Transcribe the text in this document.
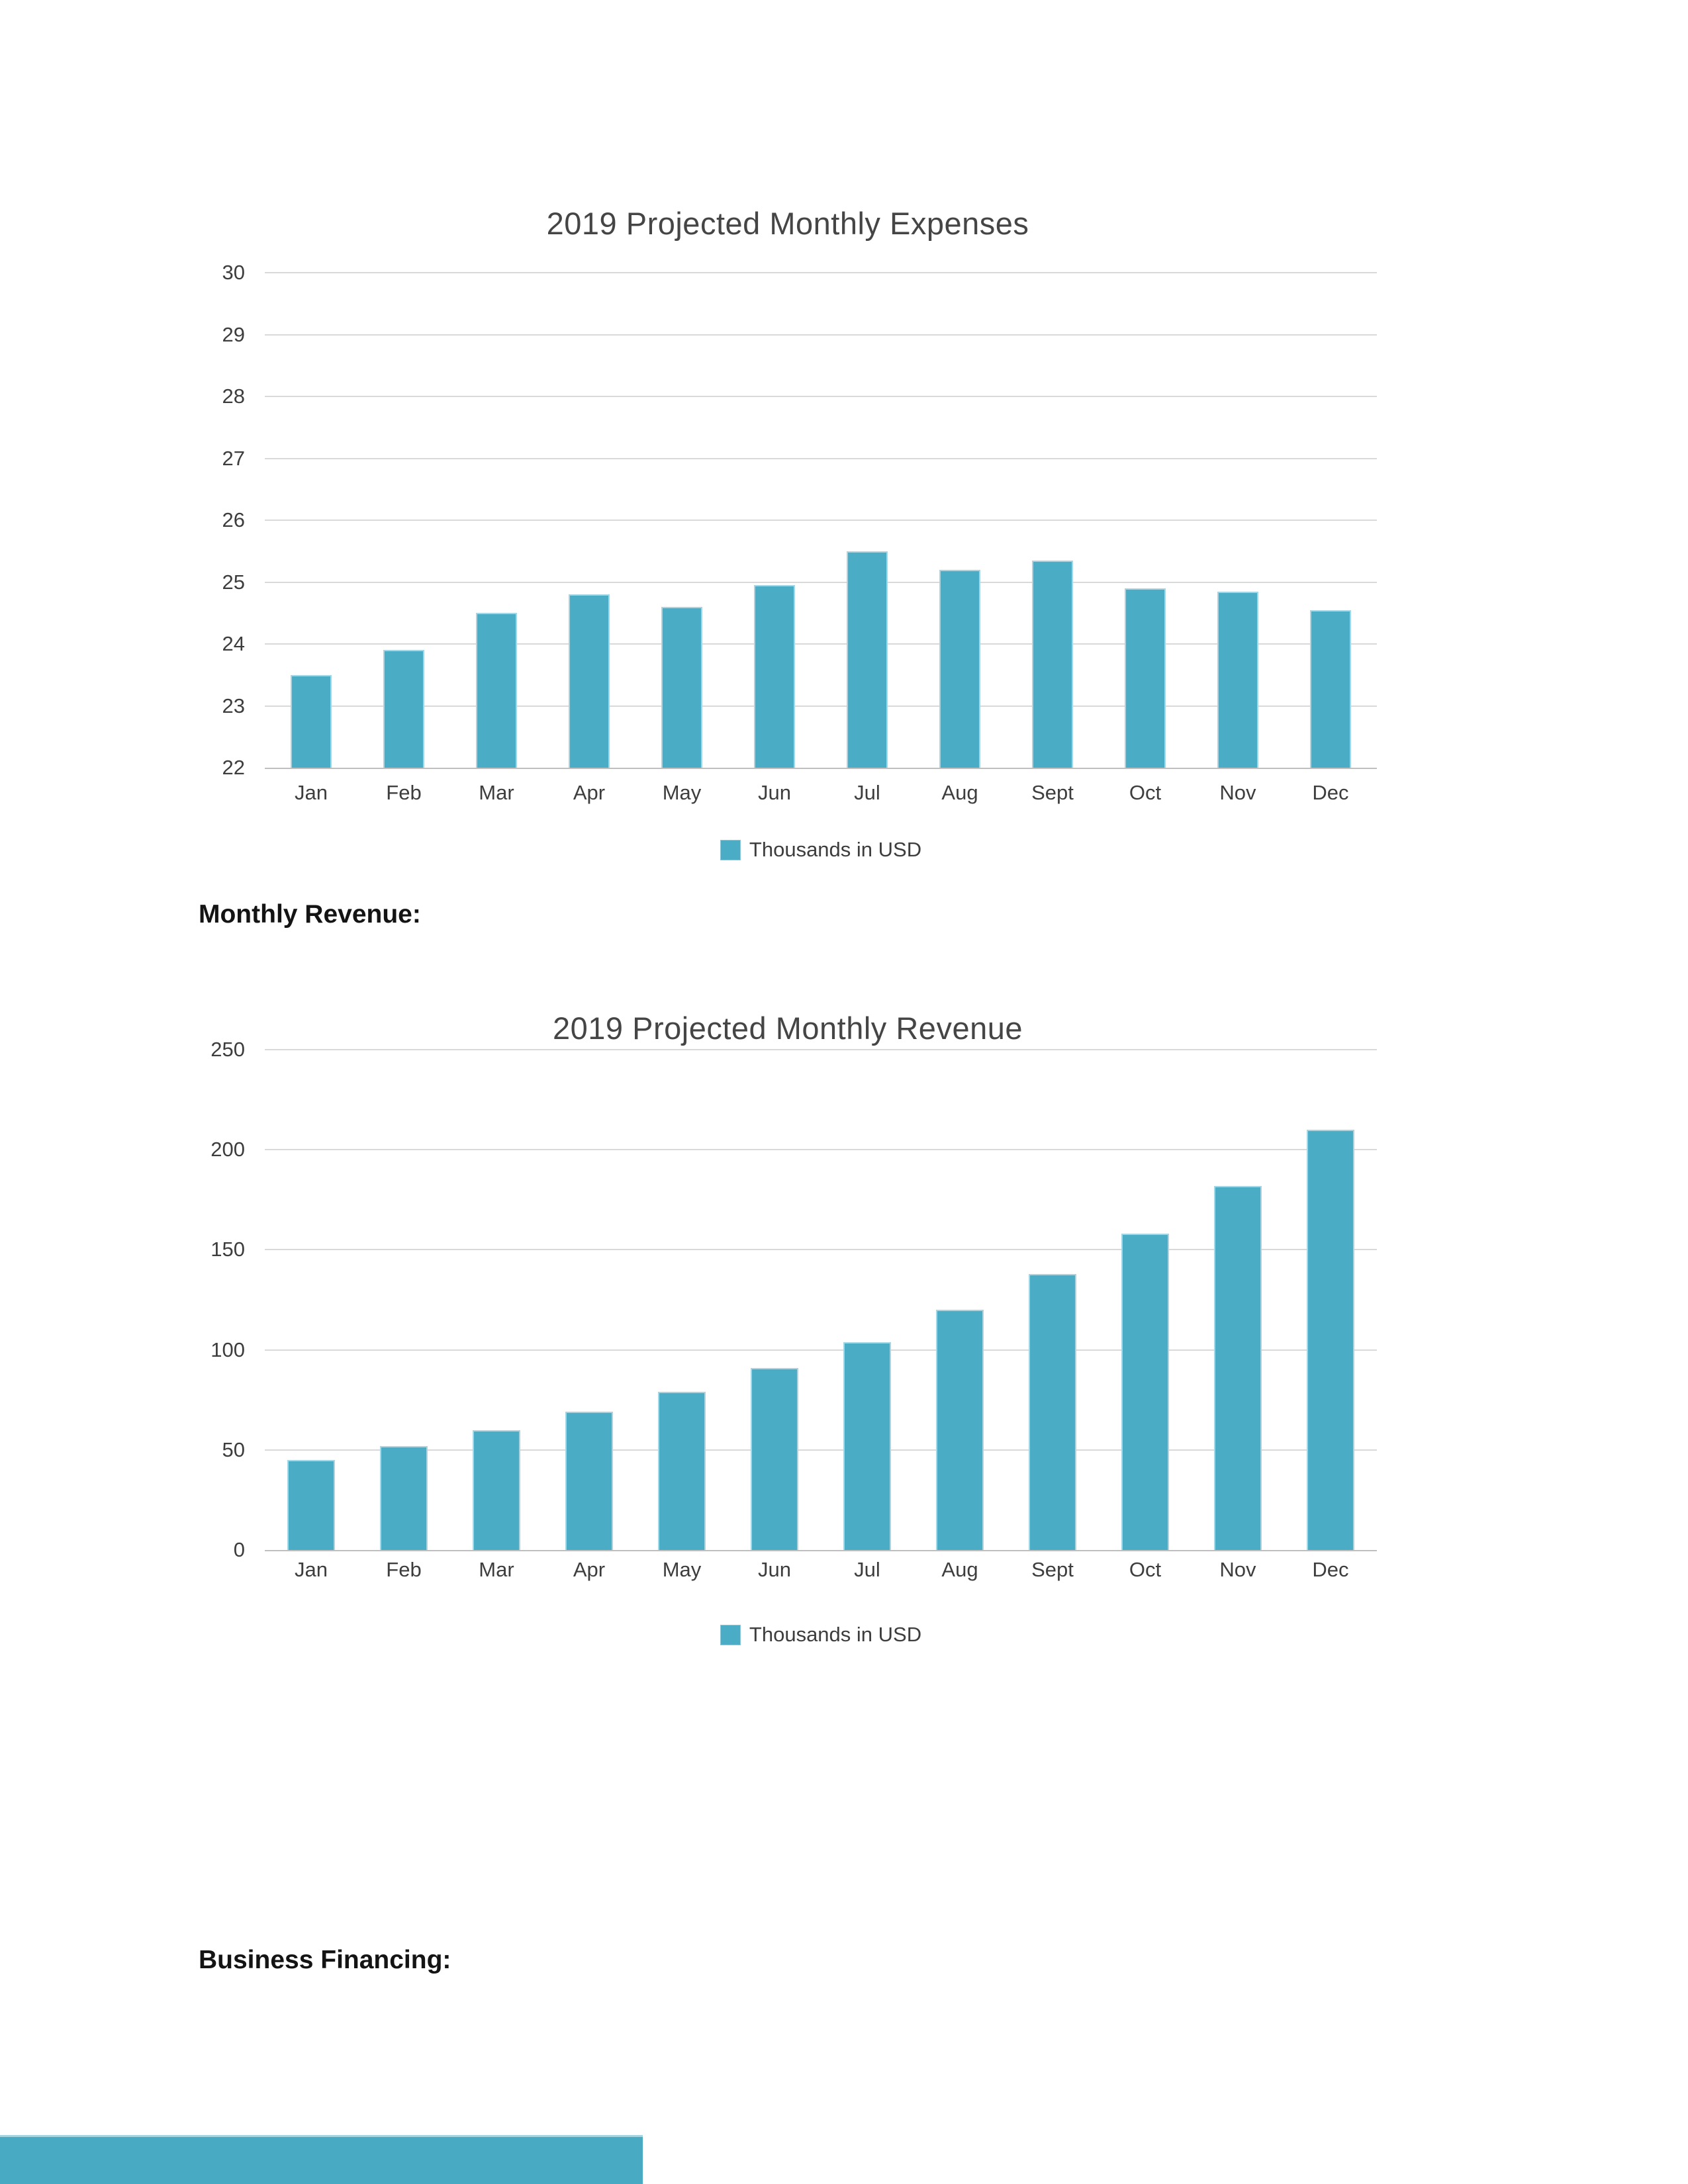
2019 Projected Monthly Expenses
22
23
24
25
26
27
28
29
30
Jan	Feb	Mar	Apr	May	Jun	Jul	Aug	Sept	Oct	Nov	Dec
Thousands in USD
Monthly Revenue:
2019 Projected Monthly Revenue
0
50
100
150
200
250
Jan	Feb	Mar	Apr	May	Jun	Jul	Aug	Sept	Oct	Nov	Dec
Thousands in USD
Business Financing:
